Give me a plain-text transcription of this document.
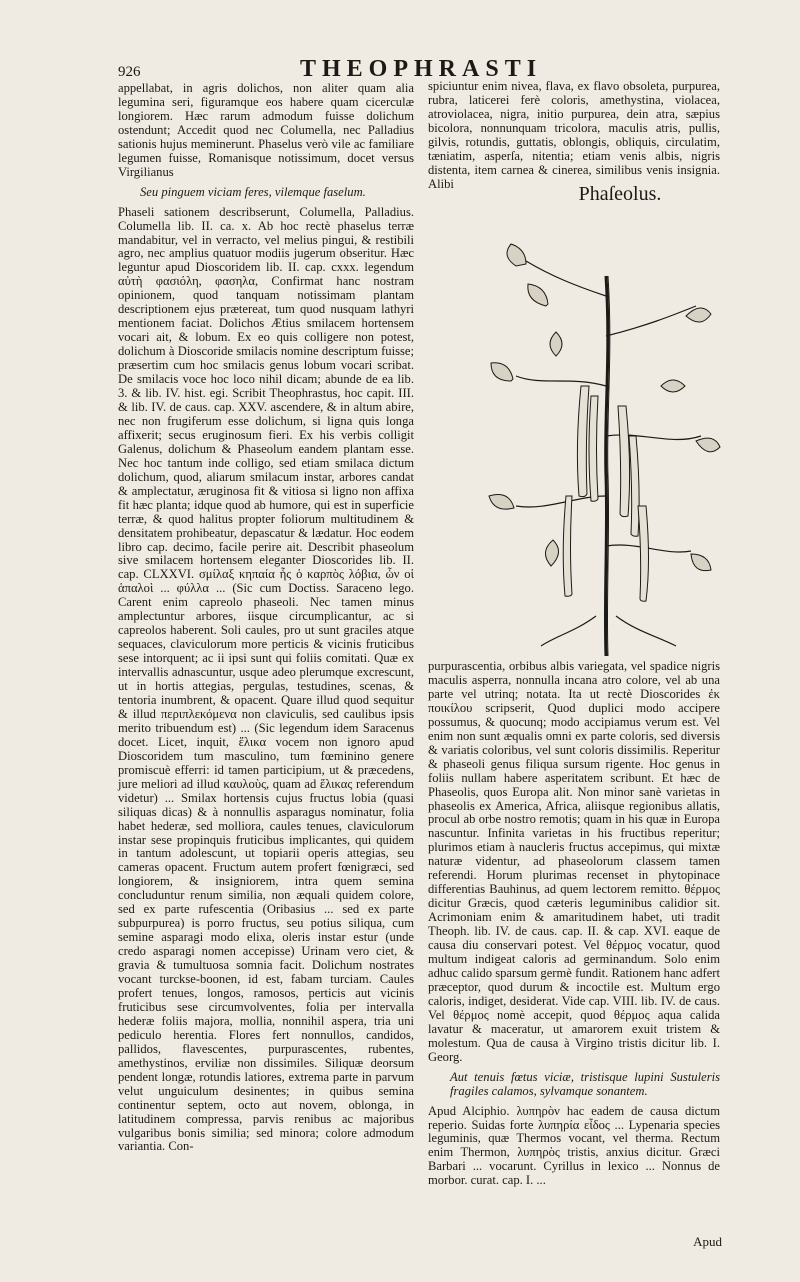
926	THEOPHRASTI

appellabat, in agris dolichos, non aliter quam alia legumina seri, figuramque eos habere quam cicerculæ longiorem. Hæc rarum admodum fuisse dolichum ostendunt; Accedit quod nec Columella, nec Palladius sationis hujus meminerunt. Phaselus verò vile ac familiare legumen fuisse, Romanisque notissimum, docet versus Virgilianus

Seu pinguem viciam feres, vilemque faselum.

Phaseli sationem describserunt, Columella, Palladius. Columella lib. II. ca. x. Ab hoc rectè phaselus terræ mandabitur, vel in verracto, vel melius pingui, & restibili agro, nec amplius quatuor modiis jugerum obseritur. Hæc leguntur apud Dioscoridem lib. II. cap. cxxx. legendum αὐτὴ φασιόλη, φασηλα, Confirmat hanc nostram opinionem, quod tanquam notissimam plantam descriptionem ejus prætereat, tum quod nusquam lathyri mentionem faciat. Dolichos Ætius smilacem hortensem vocari ait, & lobum. Ex eo quis colligere non potest, dolichum à Dioscoride smilacis nomine descriptum fuisse; præsertim cum hoc smilacis genus lobum vocari scribat. De smilacis voce hoc loco nihil dicam; abunde de ea lib. 3. & lib. IV. hist. egi. Scribit Theophrastus, hoc capit. III. & lib. IV. de caus. cap. XXV. ascendere, & in altum abire, nec non frugiferum esse dolichum, si ligna quis longa affixerit; secus eruginosum fieri. Ex his verbis colligit Galenus, dolichum & Phaseolum eandem plantam esse. Nec hoc tantum inde colligo, sed etiam smilaca dictum dolichum, quod, aliarum smilacum instar, arbores candat & amplectatur, æruginosa fit & vitiosa si ligno non affixa fit hæc planta; idque quod ab humore, qui est in superficie terræ, & quod halitus propter foliorum multitudinem & densitatem prohibeatur, depascatur & lædatur. Hoc eodem libro cap. decimo, facile perire ait. Describit phaseolum sive smilacem hortensem eleganter Dioscorides lib. II. cap. CLXXVI. σμίλαξ κηπαία ἧς ὁ καρπὸς λόβια, ὧν οἱ ἁπαλοὶ ... φύλλα ... (Sic cum Doctiss. Saraceno lego. Carent enim capreolo phaseoli. Nec tamen minus amplectuntur arbores, iisque circumplicantur, ac si capreolos haberent. Soli caules, pro ut sunt graciles atque sequaces, claviculorum more perticis & vicinis fruticibus sese intorquent; ac ii ipsi sunt qui foliis comitati. Quæ ex intervallis adnascuntur, usque adeo plerumque excrescunt, ut in hortis attegias, pergulas, testudines, scenas, & tentoria inumbrent, & opacent. Quare illud quod sequitur & illud περιπλεκόμενα non claviculis, sed caulibus ipsis merito tribuendum est) ... (Sic legendum idem Saracenus docet. Licet, inquit, ἕλικα vocem non ignoro apud Dioscoridem tum masculino, tum fœminino genere promiscuè efferri: id tamen participium, ut & præcedens, jure meliori ad illud καυλοὺς, quam ad ἕλικας referendum videtur) ... Smilax hortensis cujus fructus lobia (quasi siliquas dicas) & à nonnullis asparagus nominatur, folia habet hederæ, sed molliora, caules tenues, claviculorum instar sese propinquis fruticibus implicantes, qui quidem in tantum adolescunt, ut topiarii operis attegias, seu cameras opacent. Fructum autem profert fœnigræci, sed longiorem, & insigniorem, intra quem semina concluduntur renum similia, non æquali quidem colore, sed ex parte rufescentia (Oribasius ... sed ex parte subpurpurea) is porro fructus, seu potius siliqua, cum semine asparagi modo elixa, oleris instar estur (unde credo asparagi nomen accepisse) Urinam vero ciet, & gravia & tumultuosa somnia facit. Dolichum nostrates vocant turckse-boonen, id est, fabam turciam. Caules profert tenues, longos, ramosos, perticis aut vicinis fruticibus sese circumvolventes, folia per intervalla hederæ foliis majora, mollia, nonnihil aspera, tria uni pediculo herentia. Flores fert nonnullos, candidos, pallidos, flavescentes, purpurascentes, rubentes, amethystinos, erviliæ non dissimiles. Siliquæ deorsum pendent longæ, rotundis latiores, extrema parte in parvum velut unguiculum desinentes; in quibus semina continentur septem, octo aut novem, oblonga, in latitudinem compressa, parvis renibus ac majoribus vulgaribus bonis similia; sed minora; colore admodum variantia. Con-

spiciuntur enim nivea, flava, ex flavo obsoleta, purpurea, rubra, laticerei ferè coloris, amethystina, violacea, atroviolacea, nigra, initio purpurea, dein atra, sæpius bicolora, nonnunquam tricolora, maculis atris, pullis, gilvis, rotundis, guttatis, oblongis, obliquis, circulatim, tæniatim, asperſa, nitentia; etiam venis albis, nigris distenta, item carnea & cinerea, similibus venis insignia. Alibi	Phaſeolus.

purpurascentia, orbibus albis variegata, vel spadice nigris maculis asperra, nonnulla incana atro colore, vel ab una parte vel utrinq; notata. Ita ut rectè Dioscorides ἐκ ποικίλου scripserit, Quod duplici modo accipere possumus, & quocunq; modo accipiamus verum est. Vel enim non sunt æqualis omni ex parte coloris, sed diversis & variatis coloribus, vel sunt coloris dissimilis. Reperitur & phaseoli genus filiqua sursum rigente. Hoc genus in foliis nullam habere asperitatem scribunt. Et hæc de Phaseolis, quos Europa alit. Non minor sanè varietas in phaseolis ex America, Africa, aliisque regionibus allatis, procul ab orbe nostro remotis; quam in his quæ in Europa nascuntur. Infinita varietas in his fructibus reperitur; plurimos etiam à naucleris fructus accepimus, qui mixtæ naturæ videntur, ad phaseolorum classem tamen referendi. Horum plurimas recenset in phytopinace differentias Bauhinus, ad quem lectorem remitto. θέρμος dicitur Græcis, quod cæteris leguminibus calidior sit. Acrimoniam enim & amaritudinem habet, uti tradit Theoph. lib. IV. de caus. cap. II. & cap. XVI. eaque de causa diu conservari potest. Vel θέρμος vocatur, quod multum indigeat caloris ad germinandum. Solo enim adhuc calido sparsum germè fundit. Rationem hanc adfert præceptor, quod durum & incoctile est. Multum ergo caloris, indiget, desiderat. Vide cap. VIII. lib. IV. de caus. Vel θέρμος nomè accepit, quod θέρμος aqua calida lavatur & maceratur, ut amarorem exuit tristem & molestum. Qua de causa à Virgino tristis dicitur lib. I. Georg.

Aut tenuis fœtus viciæ, tristisque lupini Sustuleris fragiles calamos, sylvamque sonantem.

Apud Alciphio. λυπηρὸν hac eadem de causa dictum reperio. Suidas forte λυπηρία εἶδος ... Lypenaria species leguminis, quæ Thermos vocant, vel therma. Rectum enim Thermon, λυπηρὸς tristis, anxius dicitur. Græci Barbari ... vocarunt. Cyrillus in lexico ... Nonnus de morbor. curat. cap. I. ...

Apud
